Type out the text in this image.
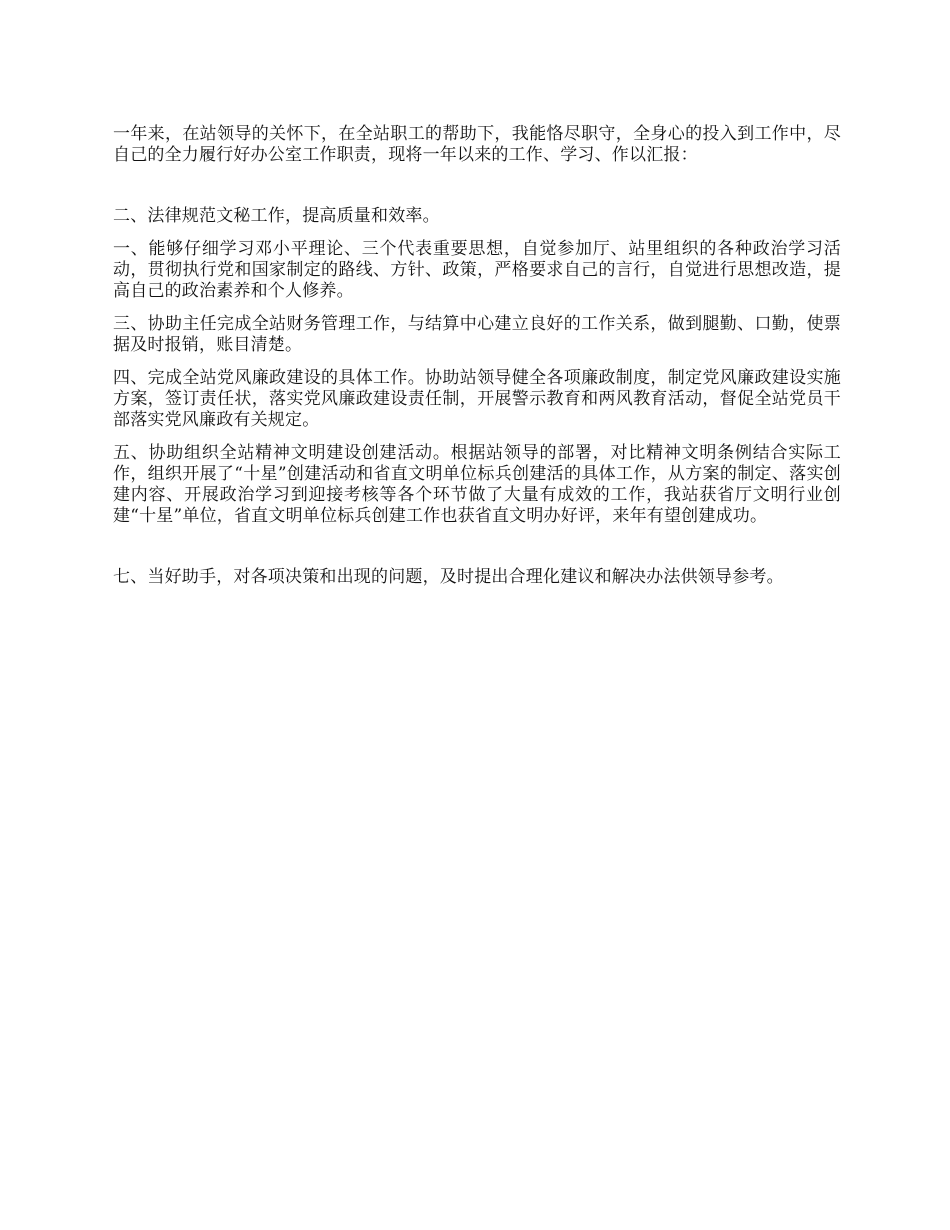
一年来，在站领导的关怀下，在全站职工的帮助下，我能恪尽职守，全身心的投入到工作中，尽自己的全力履行好办公室工作职责，现将一年以来的工作、学习、作以汇报：

二、法律规范文秘工作，提高质量和效率。

一、能够仔细学习邓小平理论、三个代表重要思想，自觉参加厅、站里组织的各种政治学习活动，贯彻执行党和国家制定的路线、方针、政策，严格要求自己的言行，自觉进行思想改造，提高自己的政治素养和个人修养。

三、协助主任完成全站财务管理工作，与结算中心建立良好的工作关系，做到腿勤、口勤，使票据及时报销，账目清楚。

四、完成全站党风廉政建设的具体工作。协助站领导健全各项廉政制度，制定党风廉政建设实施方案，签订责任状，落实党风廉政建设责任制，开展警示教育和两风教育活动，督促全站党员干部落实党风廉政有关规定。

五、协助组织全站精神文明建设创建活动。根据站领导的部署，对比精神文明条例结合实际工作，组织开展了“十星”创建活动和省直文明单位标兵创建活的具体工作，从方案的制定、落实创建内容、开展政治学习到迎接考核等各个环节做了大量有成效的工作，我站获省厅文明行业创建“十星”单位，省直文明单位标兵创建工作也获省直文明办好评，来年有望创建成功。

七、当好助手，对各项决策和出现的问题，及时提出合理化建议和解决办法供领导参考。
